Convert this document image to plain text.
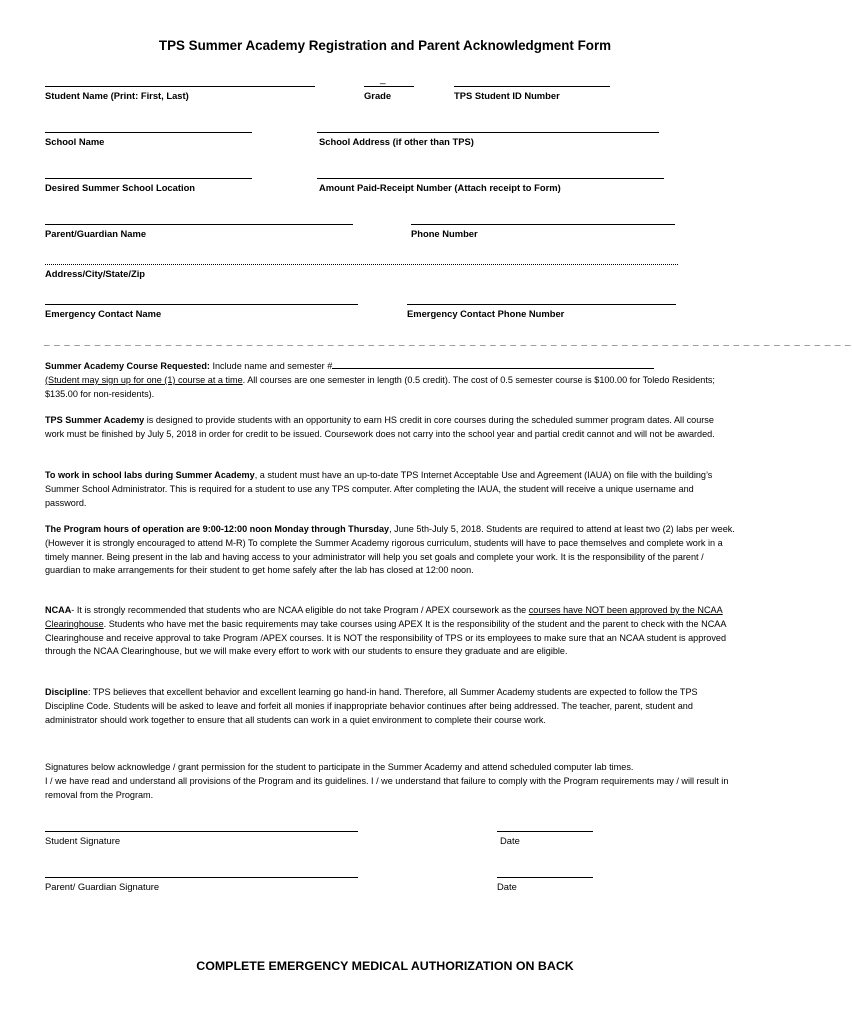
TPS Summer Academy Registration and Parent Acknowledgment Form
_
Student Name (Print: First, Last)	Grade	TPS Student ID Number
School Name	School Address (if other than TPS)
Desired Summer School Location	Amount Paid-Receipt Number (Attach receipt to Form)
Parent/Guardian Name	Phone Number
Address/City/State/Zip
Emergency Contact Name	Emergency Contact Phone Number
_ _ _ _ _ _ _ _ _ _ _ _ _ _ _ _ _ _ _ _ _ _ _ _ _ _ _ _ _ _ _ _ _ _ _ _ _ _ _ _ _ _ _ _ _ _ _ _ _ _ _ _ _ _ _ _ _ _ _ _ _ _ _ _ _ _ _ _ _ _ _ _ _ _ _ _ _ _ _ _
Summer Academy Course Requested: Include name and semester #
(Student may sign up for one (1) course at a time. All courses are one semester in length (0.5 credit). The cost of 0.5 semester course is $100.00 for Toledo Residents; $135.00 for non-residents).
TPS Summer Academy is designed to provide students with an opportunity to earn HS credit in core courses during the scheduled summer program dates. All course work must be finished by July 5, 2018 in order for credit to be issued. Coursework does not carry into the school year and partial credit cannot and will not be awarded.
To work in school labs during Summer Academy, a student must have an up-to-date TPS Internet Acceptable Use and Agreement (IAUA) on file with the building’s Summer School Administrator. This is required for a student to use any TPS computer. After completing the IAUA, the student will receive a unique username and password.
The Program hours of operation are 9:00-12:00 noon Monday through Thursday, June 5th-July 5, 2018. Students are required to attend at least two (2) labs per week. (However it is strongly encouraged to attend M-R) To complete the Summer Academy rigorous curriculum, students will have to pace themselves and complete work in a timely manner. Being present in the lab and having access to your administrator will help you set goals and complete your work. It is the responsibility of the parent / guardian to make arrangements for their student to get home safely after the lab has closed at 12:00 noon.
NCAA- It is strongly recommended that students who are NCAA eligible do not take Program / APEX coursework as the courses have NOT been approved by the NCAA Clearinghouse. Students who have met the basic requirements may take courses using APEX It is the responsibility of the student and the parent to check with the NCAA Clearinghouse and receive approval to take Program /APEX courses. It is NOT the responsibility of TPS or its employees to make sure that an NCAA student is approved through the NCAA Clearinghouse, but we will make every effort to work with our students to ensure they graduate and are eligible.
Discipline: TPS believes that excellent behavior and excellent learning go hand-in hand. Therefore, all Summer Academy students are expected to follow the TPS Discipline Code. Students will be asked to leave and forfeit all monies if inappropriate behavior continues after being addressed. The teacher, parent, student and administrator should work together to ensure that all students can work in a quiet environment to complete their course work.
Signatures below acknowledge / grant permission for the student to participate in the Summer Academy and attend scheduled computer lab times.
I / we have read and understand all provisions of the Program and its guidelines. I / we understand that failure to comply with the Program requirements may / will result in removal from the Program.
Student Signature	Date
Parent/ Guardian Signature	Date
COMPLETE EMERGENCY MEDICAL AUTHORIZATION ON BACK
